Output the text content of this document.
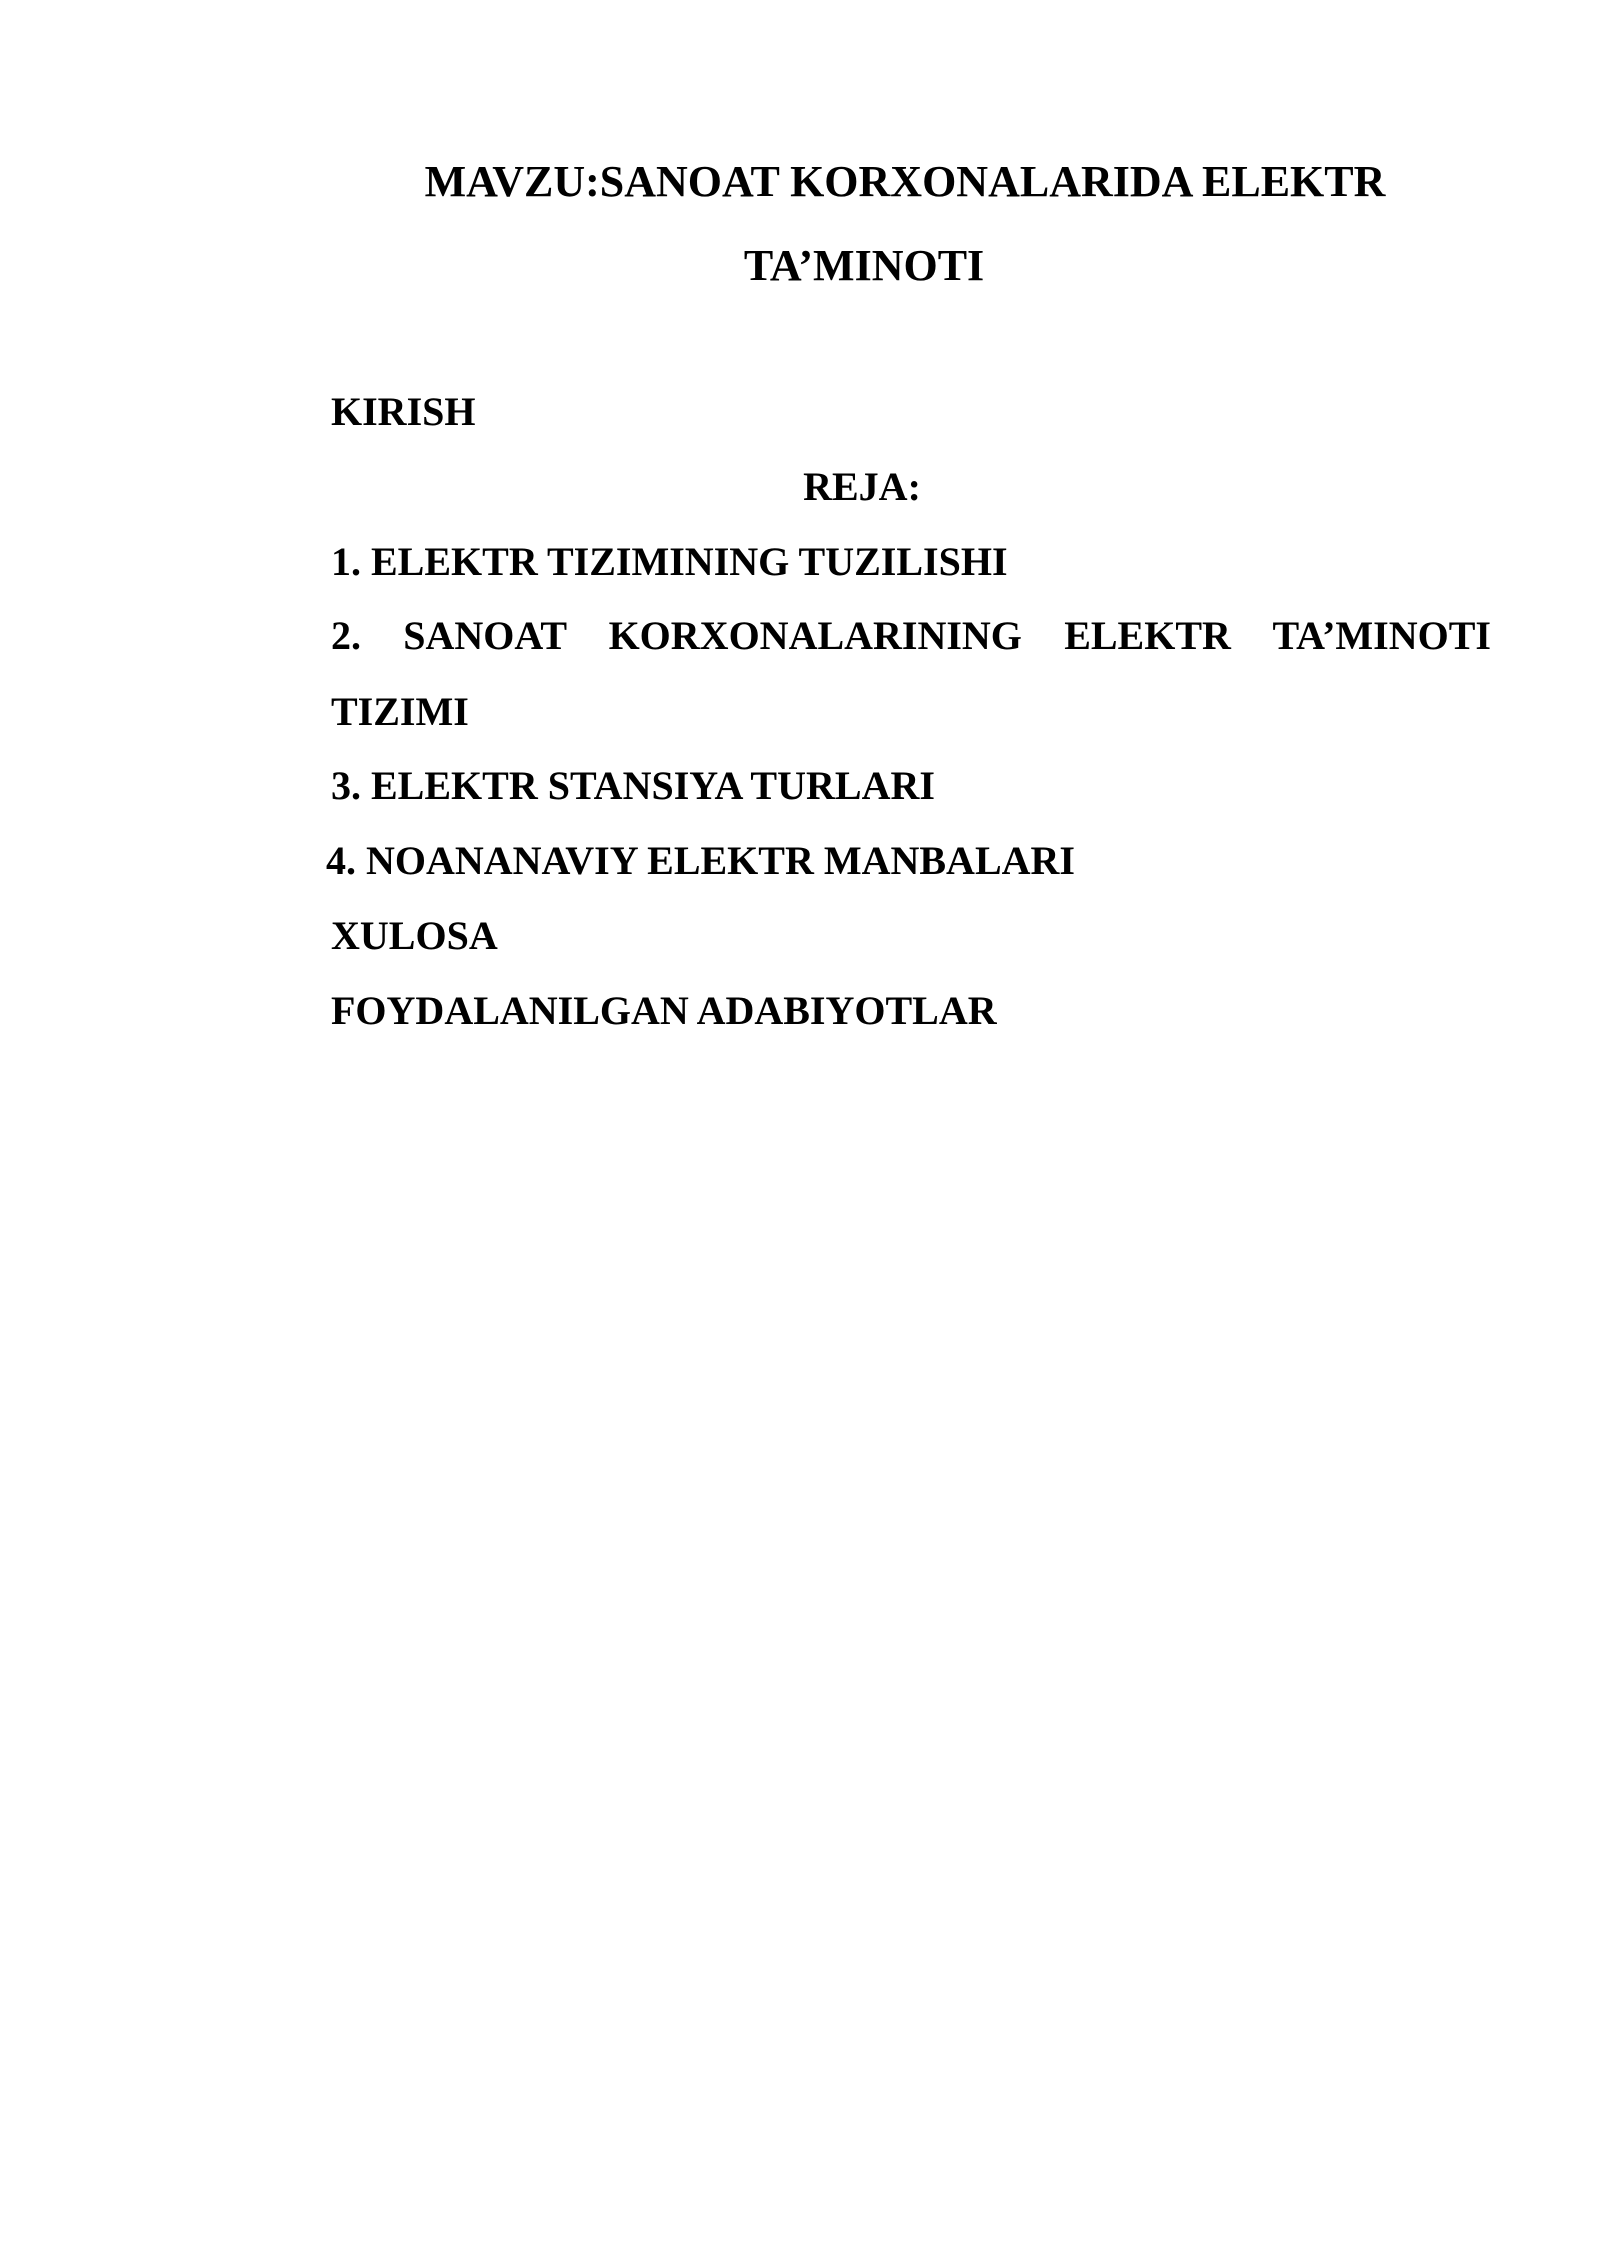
MAVZU:SANOAT KORXONALARIDA ELEKTR
TA’MINOTI
KIRISH
REJA:
1. ELEKTR TIZIMINING TUZILISHI
2. SANOAT KORXONALARINING ELEKTR TA’MINOTI
TIZIMI
3. ELEKTR STANSIYA TURLARI
4. NOANANAVIY ELEKTR MANBALARI
XULOSA
FOYDALANILGAN ADABIYOTLAR
